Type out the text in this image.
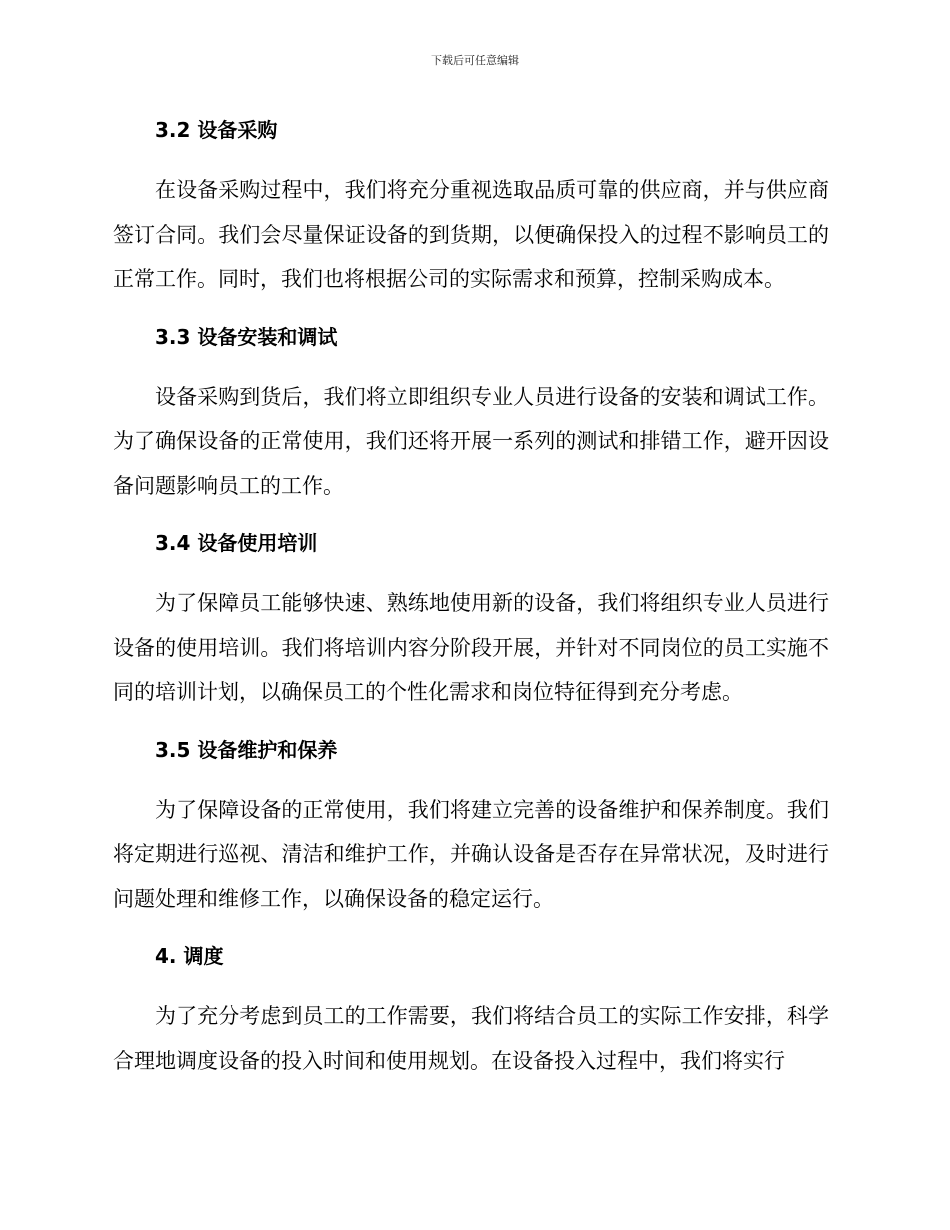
下载后可任意编辑
3.2 设备采购

在设备采购过程中，我们将充分重视选取品质可靠的供应商，并与供应商签订合同。我们会尽量保证设备的到货期，以便确保投入的过程不影响员工的正常工作。同时，我们也将根据公司的实际需求和预算，控制采购成本。

3.3 设备安装和调试

设备采购到货后，我们将立即组织专业人员进行设备的安装和调试工作。为了确保设备的正常使用，我们还将开展一系列的测试和排错工作，避开因设备问题影响员工的工作。

3.4 设备使用培训

为了保障员工能够快速、熟练地使用新的设备，我们将组织专业人员进行设备的使用培训。我们将培训内容分阶段开展，并针对不同岗位的员工实施不同的培训计划，以确保员工的个性化需求和岗位特征得到充分考虑。

3.5 设备维护和保养

为了保障设备的正常使用，我们将建立完善的设备维护和保养制度。我们将定期进行巡视、清洁和维护工作，并确认设备是否存在异常状况，及时进行问题处理和维修工作，以确保设备的稳定运行。

4. 调度

为了充分考虑到员工的工作需要，我们将结合员工的实际工作安排，科学合理地调度设备的投入时间和使用规划。在设备投入过程中，我们将实行
